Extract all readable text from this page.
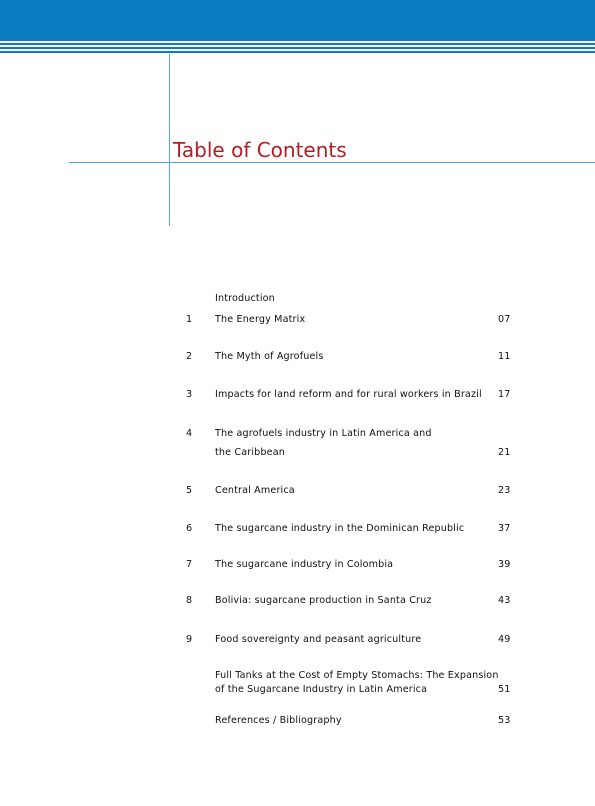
Table of Contents
Introduction
1 The Energy Matrix	07
2 The Myth of Agrofuels	11
3 Impacts for land reform and for rural workers in Brazil 17
4 The agrofuels industry in Latin America and
the Caribbean	21
5 Central America	23
6 The sugarcane industry in the Dominican Republic	37
7 The sugarcane industry in Colombia	39
8 Bolivia: sugarcane production in Santa Cruz	43
9 Food sovereignty and peasant agriculture	49
Full Tanks at the Cost of Empty Stomachs: The Expansion
of the Sugarcane Industry in Latin America	51
References / Bibliography	53
